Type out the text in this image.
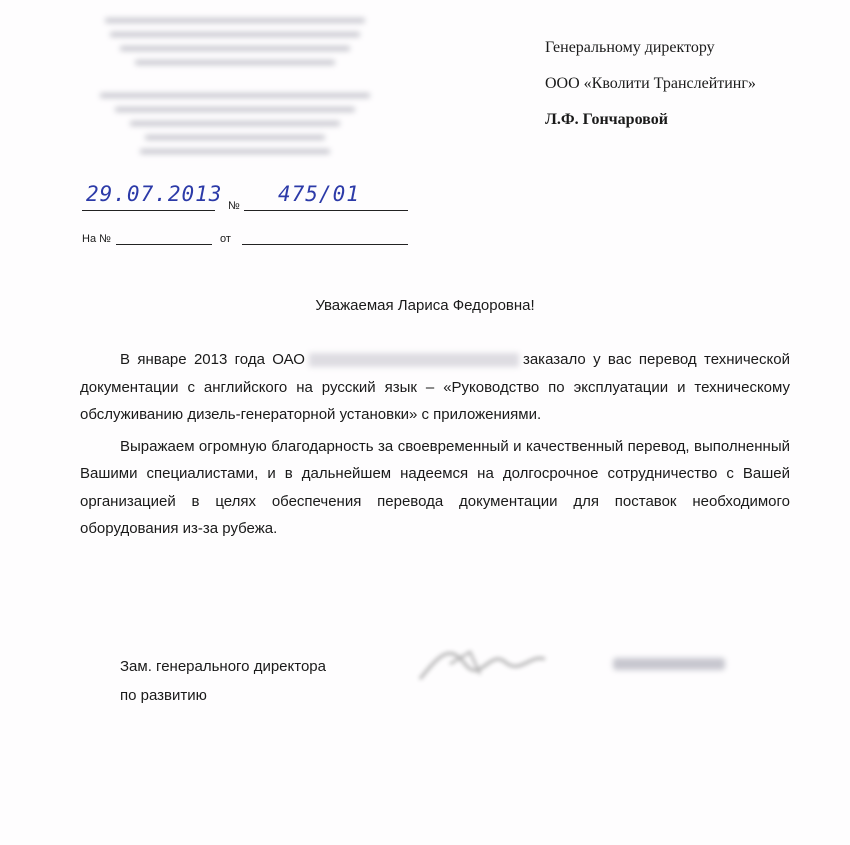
Генеральному директору
ООО «Кволити Транслейтинг»
Л.Ф. Гончаровой
29.07.2013 № 475/01
На №	от
Уважаемая Лариса Федоровна!

В январе 2013 года ОАО	заказало у вас перевод технической документации с английского на русский язык – «Руководство по эксплуатации и техническому обслуживанию дизель-генераторной установки» с приложениями.

Выражаем огромную благодарность за своевременный и качественный перевод, выполненный Вашими специалистами, и в дальнейшем надеемся на долгосрочное сотрудничество с Вашей организацией в целях обеспечения перевода документации для поставок необходимого оборудования из-за рубежа.

Зам. генерального директора
по развитию
